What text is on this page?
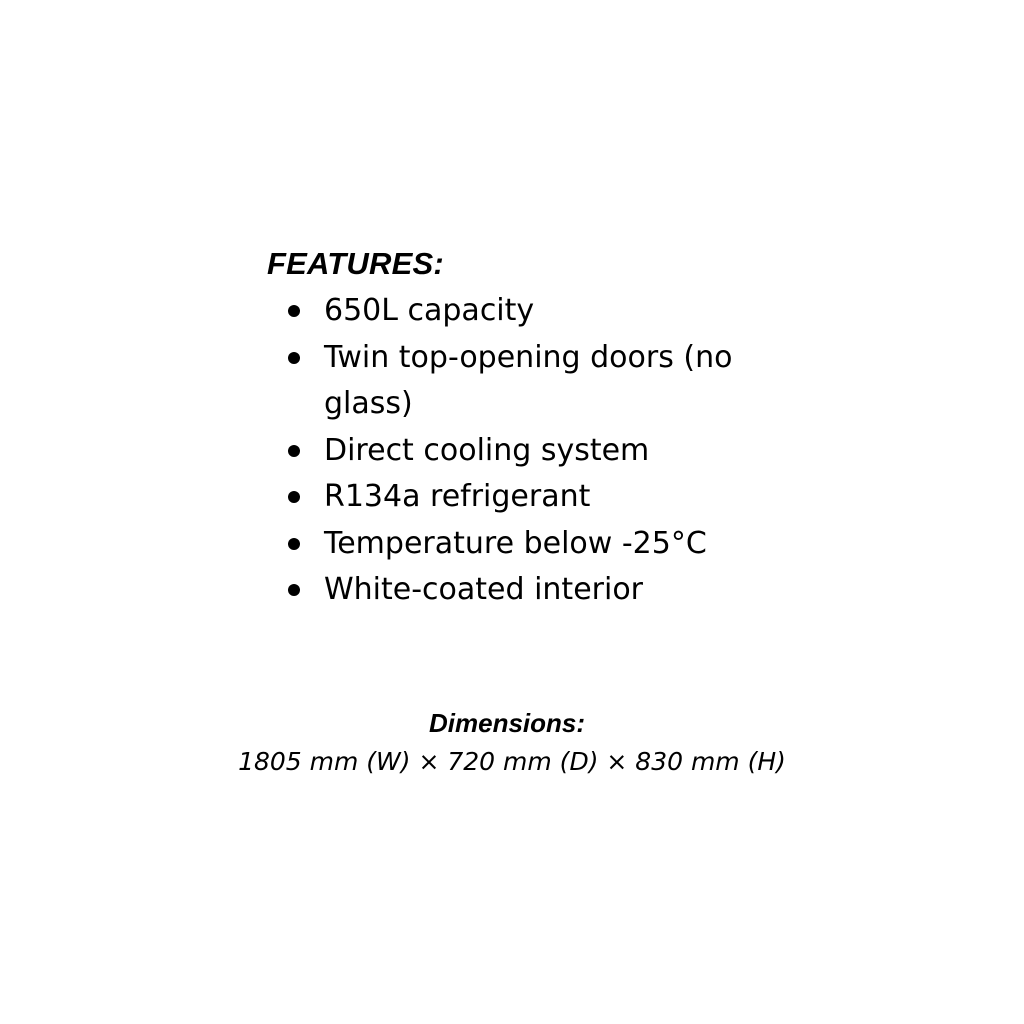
FEATURES:
650L capacity
Twin top-opening doors (no glass)
Direct cooling system
R134a refrigerant
Temperature below -25°C
White-coated interior

Dimensions:

1805 mm (W) × 720 mm (D) × 830 mm (H)
